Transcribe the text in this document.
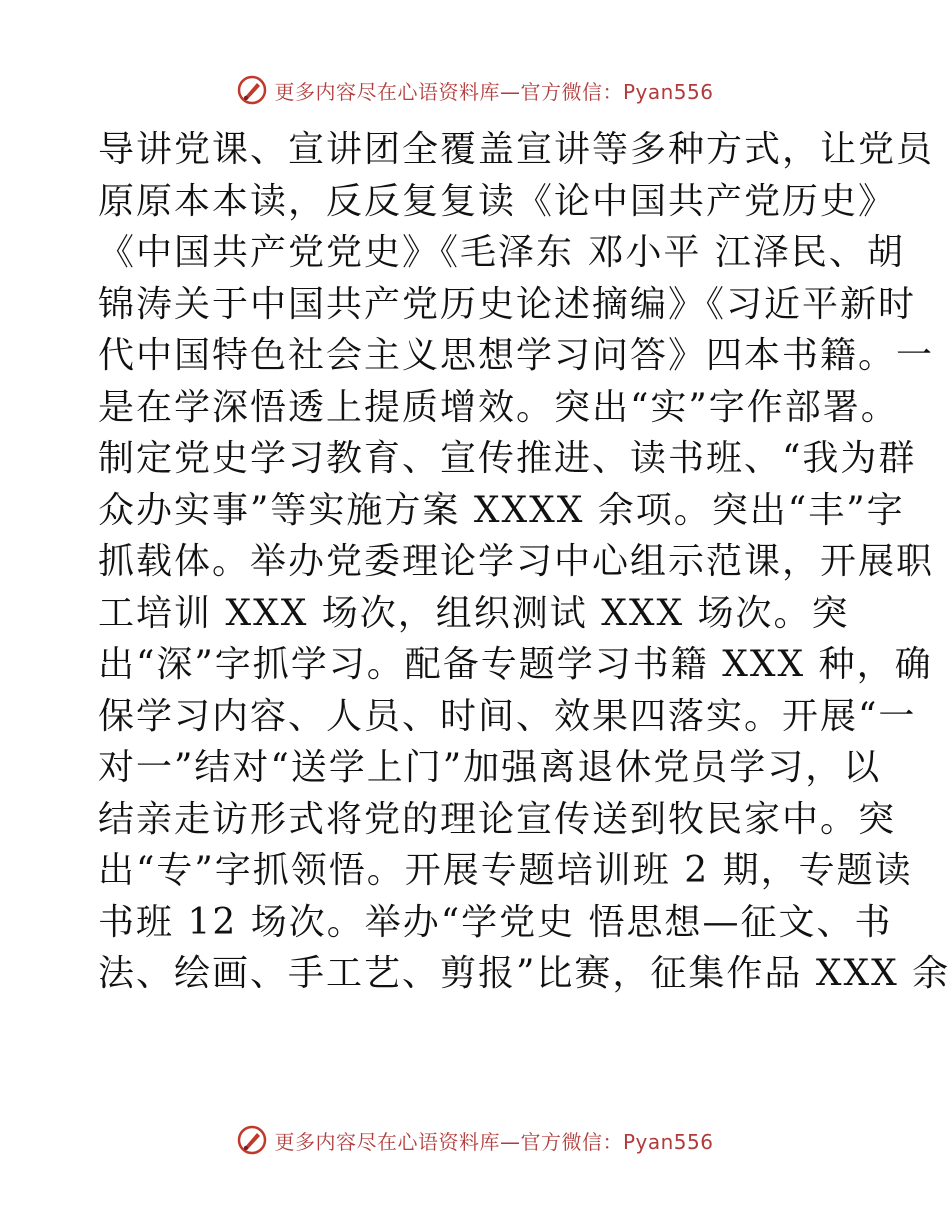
更多内容尽在心语资料库—官方微信：Pyan556
导讲党课、宣讲团全覆盖宣讲等多种方式，让党员
原原本本读，反反复复读《论中国共产党历史》
《中国共产党党史》《毛泽东 邓小平 江泽民、胡
锦涛关于中国共产党历史论述摘编》《习近平新时
代中国特色社会主义思想学习问答》四本书籍。一
是在学深悟透上提质增效。突出“实”字作部署。
制定党史学习教育、宣传推进、读书班、“我为群
众办实事”等实施方案 XXXX 余项。突出“丰”字
抓载体。举办党委理论学习中心组示范课，开展职
工培训 XXX 场次，组织测试 XXX 场次。突
出“深”字抓学习。配备专题学习书籍 XXX 种，确
保学习内容、人员、时间、效果四落实。开展“一
对一”结对“送学上门”加强离退休党员学习，以
结亲走访形式将党的理论宣传送到牧民家中。突
出“专”字抓领悟。开展专题培训班 2 期，专题读
书班 12 场次。举办“学党史 悟思想—征文、书
法、绘画、手工艺、剪报”比赛，征集作品 XXX 余
更多内容尽在心语资料库—官方微信：Pyan556
